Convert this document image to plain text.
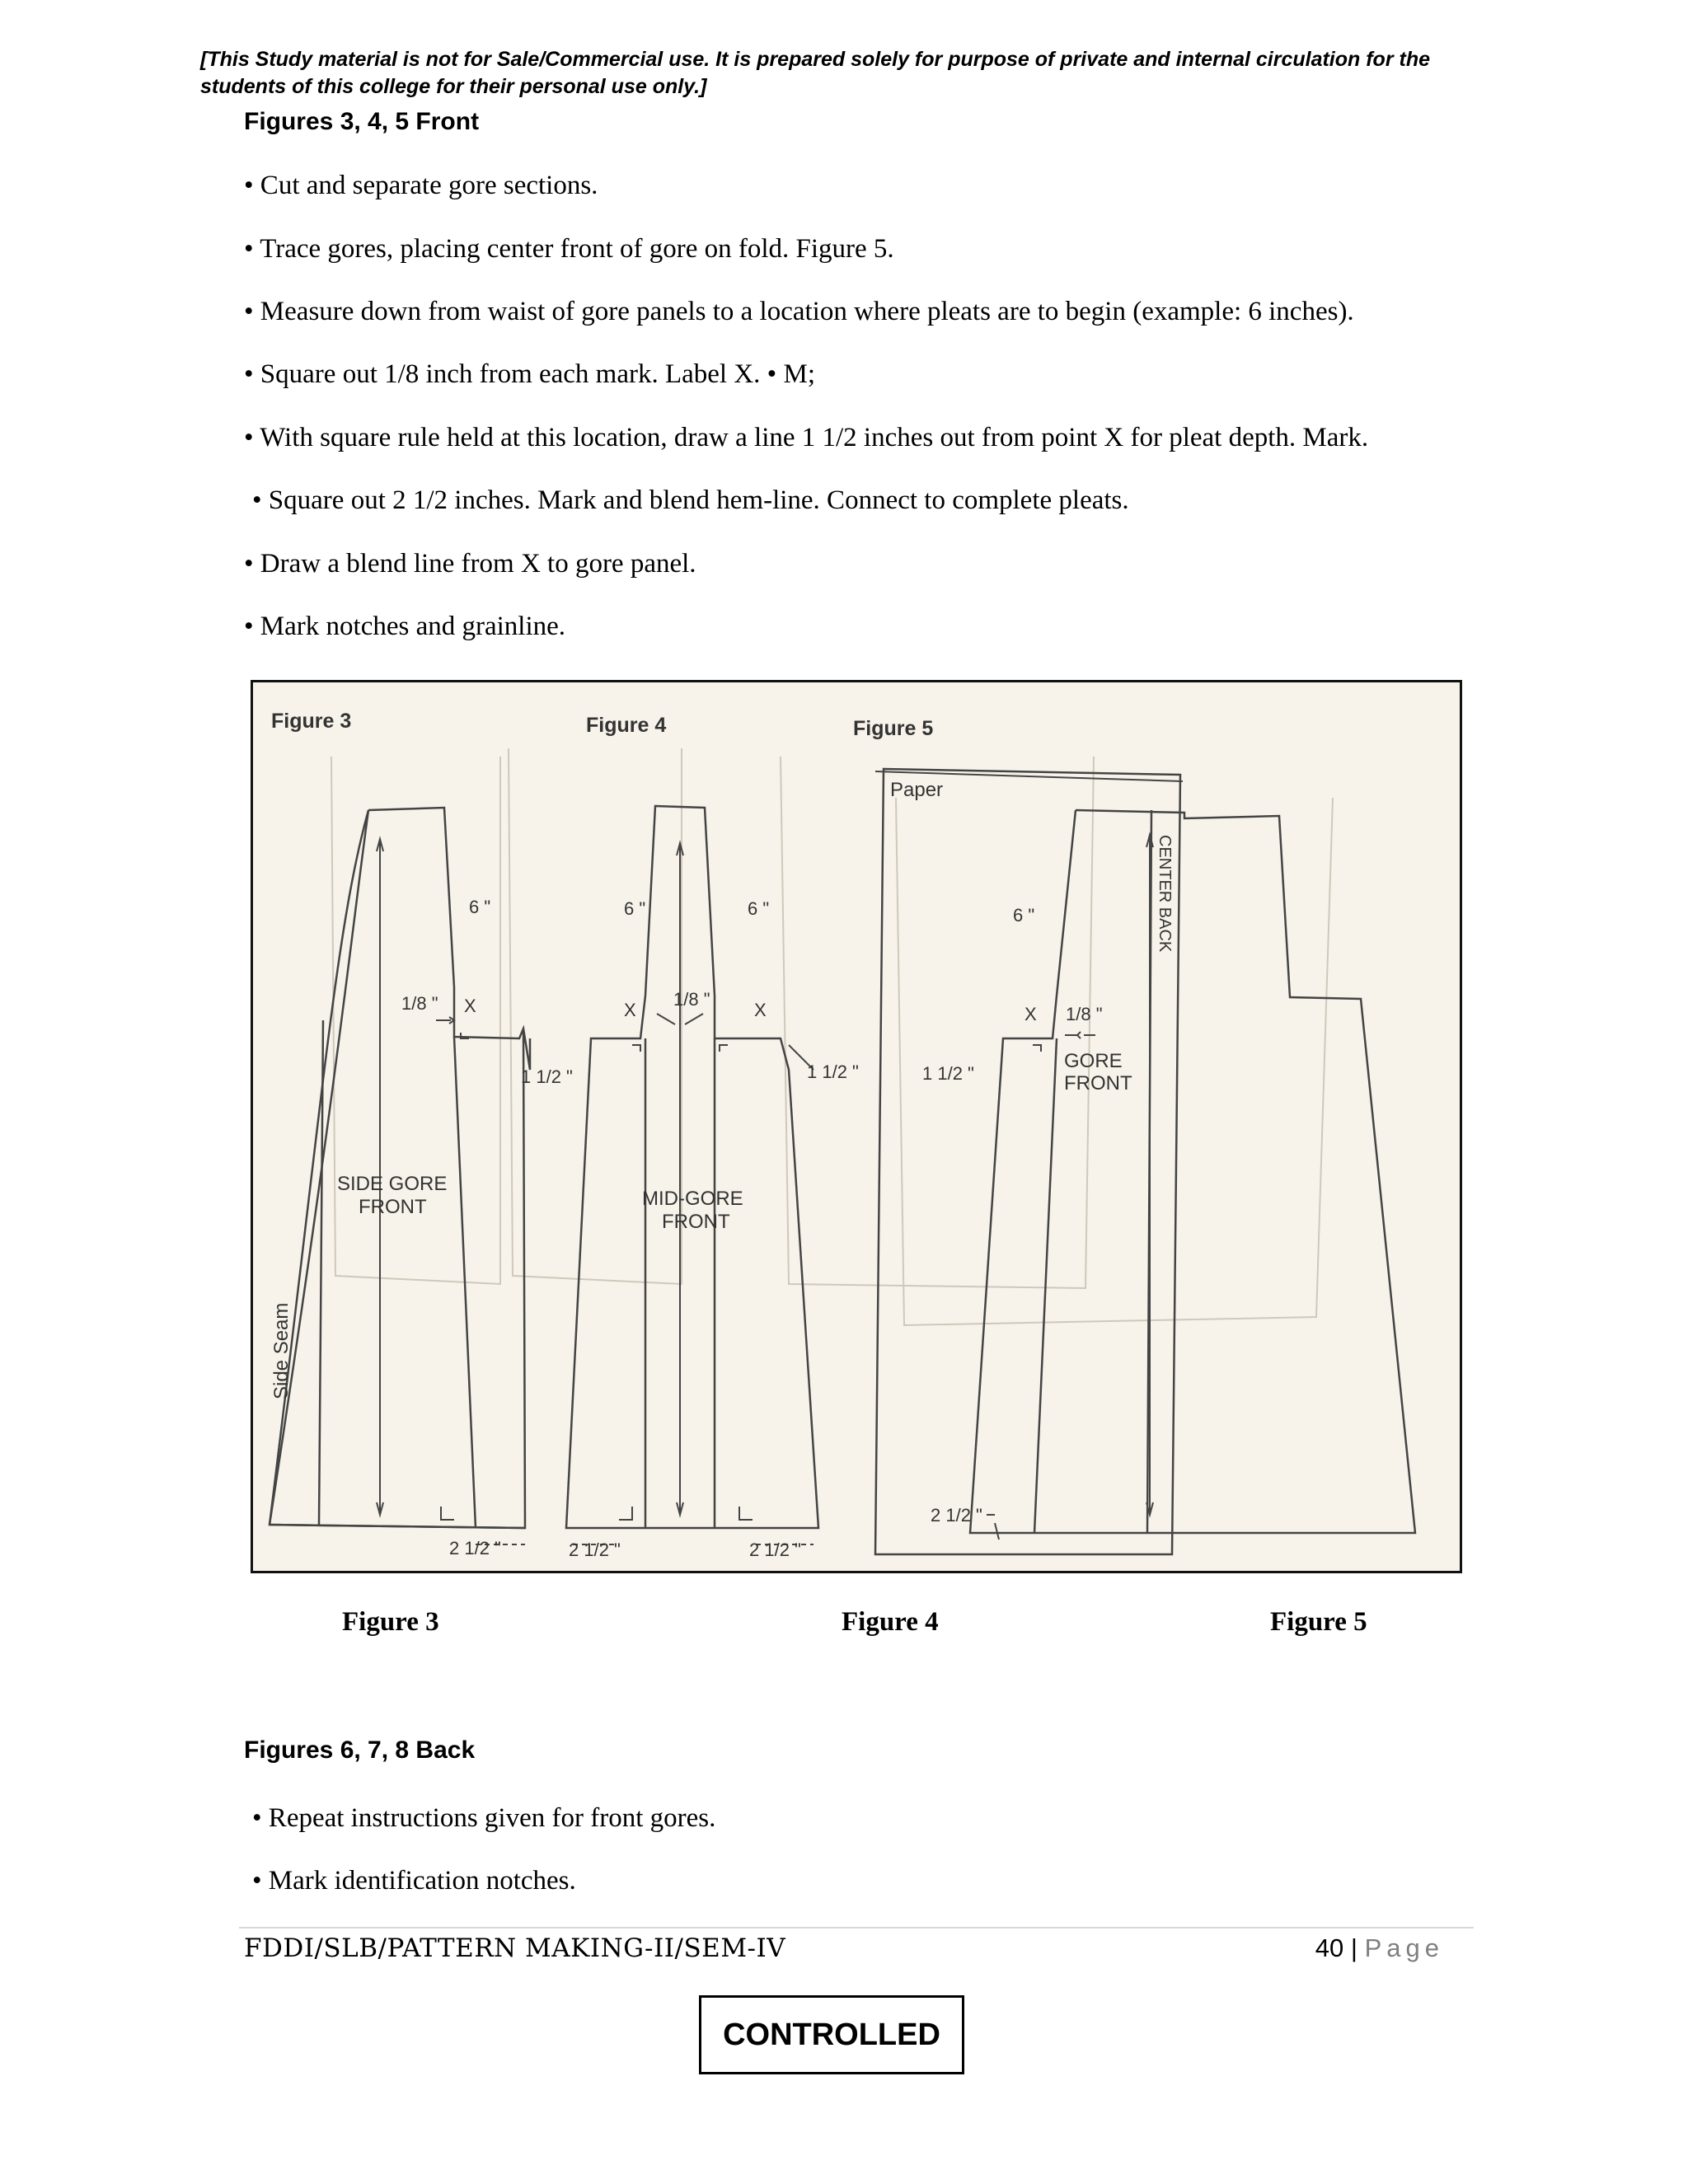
[This Study material is not for Sale/Commercial use. It is prepared solely for purpose of private and internal circulation for the students of this college for their personal use only.]
Figures 3, 4, 5 Front
• Cut and separate gore sections.
• Trace gores, placing center front of gore on fold. Figure 5.
• Measure down from waist of gore panels to a location where pleats are to begin (example: 6 inches).
• Square out 1/8 inch from each mark. Label X. • M;
• With square rule held at this location, draw a line 1 1/2 inches out from point X for pleat depth. Mark.
• Square out 2 1/2 inches. Mark and blend hem-line. Connect to complete pleats.
• Draw a blend line from X to gore panel.
• Mark notches and grainline.
Figure 3	Figure 4	Figure 5
Paper
6 "
1/8 " X
1 1/2 "
SIDE GORE
FRONT
Side Seam
2 1/2 "
6 "	6 "
X
1/8 "
X
1 1/2 "
MID-GORE
FRONT
2 1/2 "	2 1/2 "
6 "
X 1/8 "
1 1/2 "
GORE
FRONT
CENTER BACK
2 1/2 "
Figure 3	Figure 4	Figure 5
Figures 6, 7, 8 Back
• Repeat instructions given for front gores.
• Mark identification notches.
FDDI/SLB/PATTERN MAKING-II/SEM-IV	40 | Page
CONTROLLED
